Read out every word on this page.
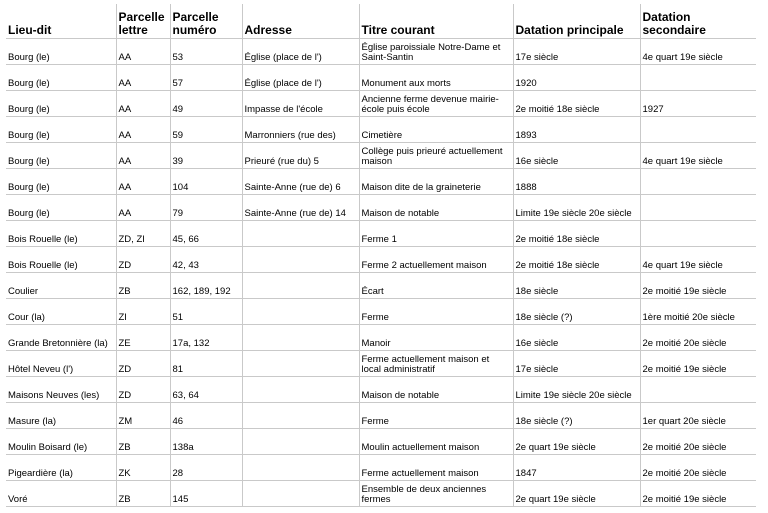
Lieu-dit	Parcelle lettre	Parcelle numéro	Adresse	Titre courant	Datation principale	Datation secondaire
Bourg (le)	AA	53	Église (place de l')	Église paroissiale Notre-Dame et Saint-Santin	17e siècle	4e quart 19e siècle
Bourg (le)	AA	57	Église (place de l')	Monument aux morts	1920	
Bourg (le)	AA	49	Impasse de l'école	Ancienne ferme devenue mairie-école puis école	2e moitié 18e siècle	1927
Bourg (le)	AA	59	Marronniers (rue des)	Cimetière	1893	
Bourg (le)	AA	39	Prieuré (rue du) 5	Collège puis prieuré actuellement maison	16e siècle	4e quart 19e siècle
Bourg (le)	AA	104	Sainte-Anne (rue de) 6	Maison dite de la graineterie	1888	
Bourg (le)	AA	79	Sainte-Anne (rue de) 14	Maison de notable	Limite 19e siècle 20e siècle	
Bois Rouelle (le)	ZD, ZI	45, 66		Ferme 1	2e moitié 18e siècle	
Bois Rouelle (le)	ZD	42, 43		Ferme 2 actuellement maison	2e moitié 18e siècle	4e quart 19e siècle
Coulier	ZB	162, 189, 192		Écart	18e siècle	2e moitié 19e siècle
Cour (la)	ZI	51		Ferme	18e siècle (?)	1ère moitié 20e siècle
Grande Bretonnière (la)	ZE	17a, 132		Manoir	16e siècle	2e moitié 20e siècle
Hôtel Neveu (l')	ZD	81		Ferme actuellement maison et local administratif	17e siècle	2e moitié 19e siècle
Maisons Neuves (les)	ZD	63, 64		Maison de notable	Limite 19e siècle 20e siècle	
Masure (la)	ZM	46		Ferme	18e siècle (?)	1er quart 20e siècle
Moulin Boisard (le)	ZB	138a		Moulin actuellement maison	2e quart 19e siècle	2e moitié 20e siècle
Pigeardière (la)	ZK	28		Ferme actuellement maison	1847	2e moitié 20e siècle
Voré	ZB	145		Ensemble de deux anciennes fermes	2e quart 19e siècle	2e moitié 19e siècle
